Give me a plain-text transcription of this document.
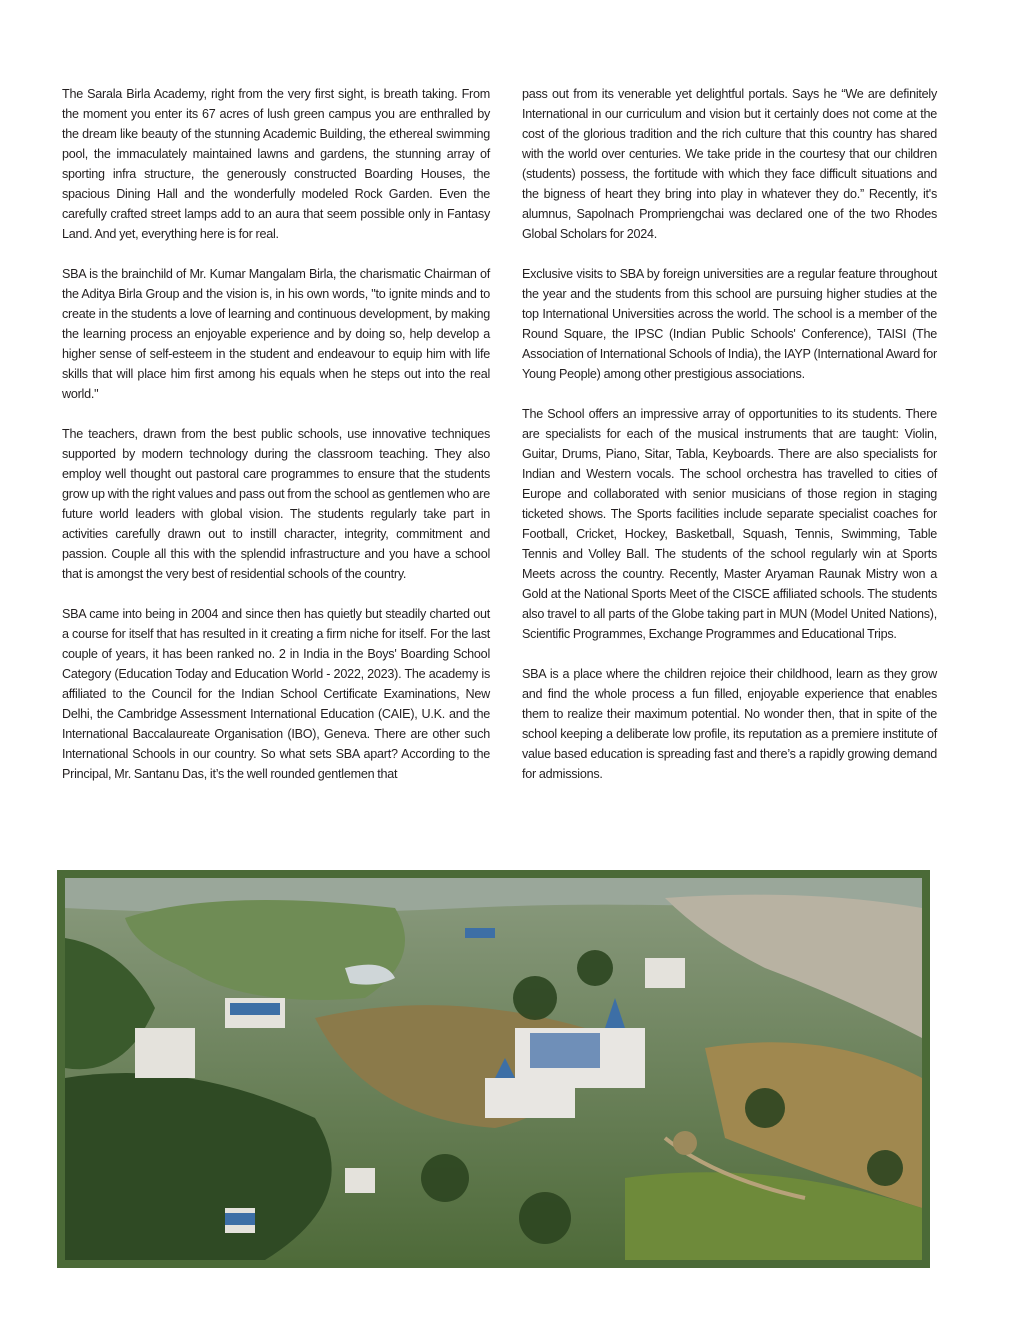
The Sarala Birla Academy, right from the very first sight, is breath taking. From the moment you enter its 67 acres of lush green campus you are enthralled by the dream like beauty of the stunning Academic Building, the ethereal swimming pool, the immaculately maintained lawns and gardens, the stunning array of sporting infra structure, the generously constructed Boarding Houses, the spacious Dining Hall and the wonderfully modeled Rock Garden. Even the carefully crafted street lamps add to an aura that seem possible only in Fantasy Land. And yet, everything here is for real.

SBA is the brainchild of Mr. Kumar Mangalam Birla, the charismatic Chairman of the Aditya Birla Group and the vision is, in his own words, "to ignite minds and to create in the students a love of learning and continuous development, by making the learning process an enjoyable experience and by doing so, help develop a higher sense of self-esteem in the student and endeavour to equip him with life skills that will place him first among his equals when he steps out into the real world."

The teachers, drawn from the best public schools, use innovative techniques supported by modern technology during the classroom teaching. They also employ well thought out pastoral care programmes to ensure that the students grow up with the right values and pass out from the school as gentlemen who are future world leaders with global vision. The students regularly take part in activities carefully drawn out to instill character, integrity, commitment and passion. Couple all this with the splendid infrastructure and you have a school that is amongst the very best of residential schools of the country.

SBA came into being in 2004 and since then has quietly but steadily charted out a course for itself that has resulted in it creating a firm niche for itself. For the last couple of years, it has been ranked no. 2 in India in the Boys' Boarding School Category (Education Today and Education World - 2022, 2023). The academy is affiliated to the Council for the Indian School Certificate Examinations, New Delhi, the Cambridge Assessment International Education (CAIE), U.K. and the International Baccalaureate Organisation (IBO), Geneva. There are other such International Schools in our country. So what sets SBA apart? According to the Principal, Mr. Santanu Das, it’s the well rounded gentlemen that

pass out from its venerable yet delightful portals. Says he “We are definitely International in our curriculum and vision but it certainly does not come at the cost of the glorious tradition and the rich culture that this country has shared with the world over centuries. We take pride in the courtesy that our children (students) possess, the fortitude with which they face difficult situations and the bigness of heart they bring into play in whatever they do.” Recently, it's alumnus, Sapolnach Prompriengchai was declared one of the two Rhodes Global Scholars for 2024.

Exclusive visits to SBA by foreign universities are a regular feature throughout the year and the students from this school are pursuing higher studies at the top International Universities across the world. The school is a member of the Round Square, the IPSC (Indian Public Schools' Conference), TAISI (The Association of International Schools of India), the IAYP (International Award for Young People) among other prestigious associations.

The School offers an impressive array of opportunities to its students. There are specialists for each of the musical instruments that are taught: Violin, Guitar, Drums, Piano, Sitar, Tabla, Keyboards. There are also specialists for Indian and Western vocals. The school orchestra has travelled to cities of Europe and collaborated with senior musicians of those region in staging ticketed shows. The Sports facilities include separate specialist coaches for Football, Cricket, Hockey, Basketball, Squash, Tennis, Swimming, Table Tennis and Volley Ball. The students of the school regularly win at Sports Meets across the country. Recently, Master Aryaman Raunak Mistry won a Gold at the National Sports Meet of the CISCE affiliated schools. The students also travel to all parts of the Globe taking part in MUN (Model United Nations), Scientific Programmes, Exchange Programmes and Educational Trips.

SBA is a place where the children rejoice their childhood, learn as they grow and find the whole process a fun filled, enjoyable experience that enables them to realize their maximum potential. No wonder then, that in spite of the school keeping a deliberate low profile, its reputation as a premiere institute of value based education is spreading fast and there’s a rapidly growing demand for admissions.
